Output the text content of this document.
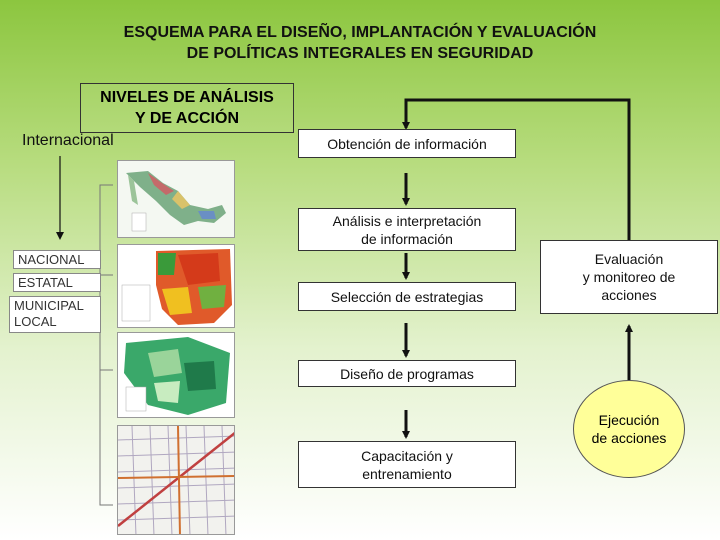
ESQUEMA PARA EL DISEÑO, IMPLANTACIÓN Y EVALUACIÓN
DE POLÍTICAS INTEGRALES EN SEGURIDAD
NIVELES DE ANÁLISIS
Y DE ACCIÓN
Internacional
NACIONAL
ESTATAL
MUNICIPAL
LOCAL
Obtención de información
Análisis e interpretación
de información
Selección de estrategias
Diseño de programas
Capacitación y
entrenamiento
Evaluación
y monitoreo de
acciones
Ejecución
de acciones
